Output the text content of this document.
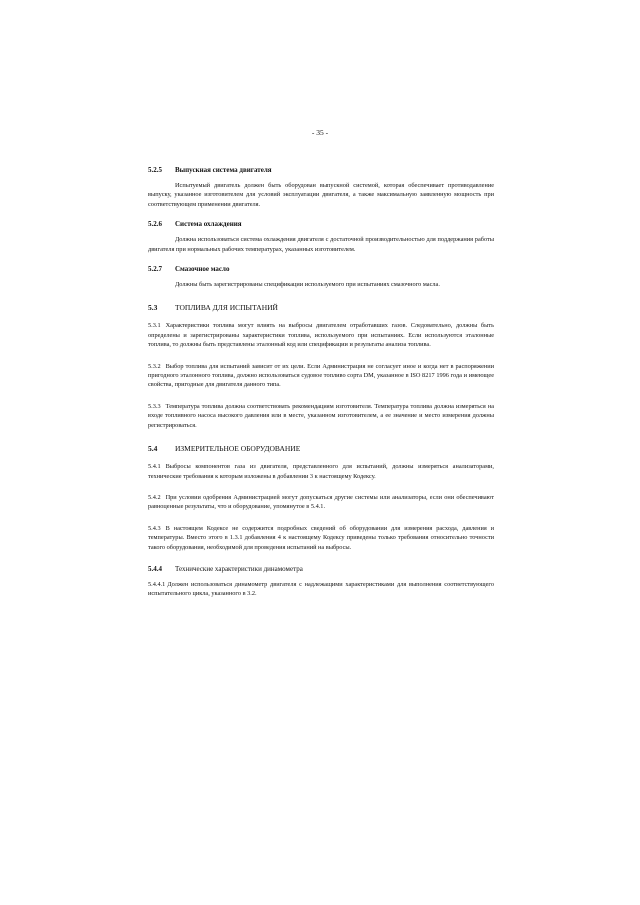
- 35 -
5.2.5	Выпускная система двигателя

Испытуемый двигатель должен быть оборудован выпускной системой, которая обеспечивает противодавление выпуску, указанное изготовителем для условий эксплуатации двигателя, а также максимальную заявленную мощность при соответствующем применении двигателя.

5.2.6	Система охлаждения

Должна использоваться система охлаждения двигателя с достаточной производительностью для поддержания работы двигателя при нормальных рабочих температурах, указанных изготовителем.

5.2.7	Смазочное масло

Должны быть зарегистрированы спецификации используемого при испытаниях смазочного масла.

5.3	ТОПЛИВА ДЛЯ ИСПЫТАНИЙ

5.3.1 Характеристики топлива могут влиять на выбросы двигателем отработавших газов. Следовательно, должны быть определены и зарегистрированы характеристики топлива, используемого при испытаниях. Если используются эталонные топлива, то должны быть представлены эталонный код или спецификации и результаты анализа топлива.

5.3.2 Выбор топлива для испытаний зависит от их цели. Если Администрация не согласует иное и когда нет в распоряжении пригодного эталонного топлива, должно использоваться судовое топливо сорта DM, указанное в ISO 8217 1996 года и имеющее свойства, пригодные для двигателя данного типа.

5.3.3 Температура топлива должна соответствовать рекомендациям изготовителя. Температура топлива должна измеряться на входе топливного насоса высокого давления или в месте, указанном изготовителем, а ее значение и место измерения должны регистрироваться.

5.4	ИЗМЕРИТЕЛЬНОЕ ОБОРУДОВАНИЕ

5.4.1 Выбросы компонентов газа из двигателя, представленного для испытаний, должны измеряться анализаторами, технические требования к которым изложены в добавлении 3 к настоящему Кодексу.

5.4.2 При условии одобрения Администрацией могут допускаться другие системы или анализаторы, если они обеспечивают равноценные результаты, что и оборудование, упомянутое в 5.4.1.

5.4.3 В настоящем Кодексе не содержится подробных сведений об оборудовании для измерения расхода, давления и температуры. Вместо этого в 1.3.1 добавления 4 к настоящему Кодексу приведены только требования относительно точности такого оборудования, необходимой для проведения испытаний на выбросы.

5.4.4	Технические характеристики динамометра

5.4.4.1 Должен использоваться динамометр двигателя с надлежащими характеристиками для выполнения соответствующего испытательного цикла, указанного в 3.2.
